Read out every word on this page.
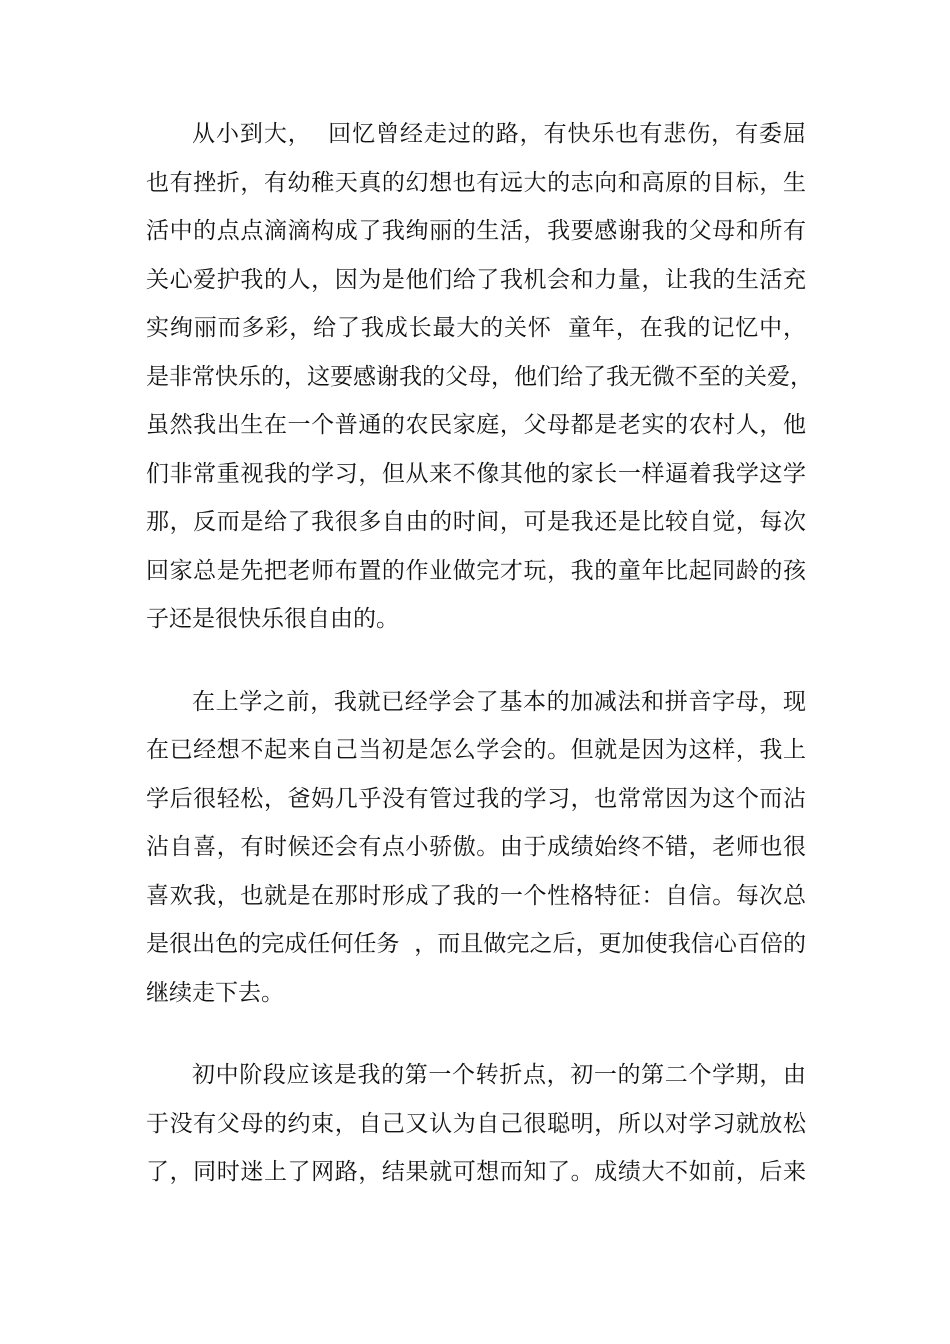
从小到大，  回忆曾经走过的路，有快乐也有悲伤，有委屈
也有挫折，有幼稚天真的幻想也有远大的志向和高原的目标，生
活中的点点滴滴构成了我绚丽的生活，我要感谢我的父母和所有
关心爱护我的人，因为是他们给了我机会和力量，让我的生活充
实绚丽而多彩，给了我成长最大的关怀  童年，在我的记忆中，
是非常快乐的，这要感谢我的父母，他们给了我无微不至的关爱，
虽然我出生在一个普通的农民家庭，父母都是老实的农村人，他
们非常重视我的学习，但从来不像其他的家长一样逼着我学这学
那，反而是给了我很多自由的时间，可是我还是比较自觉，每次
回家总是先把老师布置的作业做完才玩，我的童年比起同龄的孩
子还是很快乐很自由的。
在上学之前，我就已经学会了基本的加减法和拼音字母，现
在已经想不起来自己当初是怎么学会的。但就是因为这样，我上
学后很轻松，爸妈几乎没有管过我的学习，也常常因为这个而沾
沾自喜，有时候还会有点小骄傲。由于成绩始终不错，老师也很
喜欢我，也就是在那时形成了我的一个性格特征：自信。每次总
是很出色的完成任何任务  ，而且做完之后，更加使我信心百倍的
继续走下去。
初中阶段应该是我的第一个转折点，初一的第二个学期，由
于没有父母的约束，自己又认为自己很聪明，所以对学习就放松
了，同时迷上了网路，结果就可想而知了。成绩大不如前，后来
